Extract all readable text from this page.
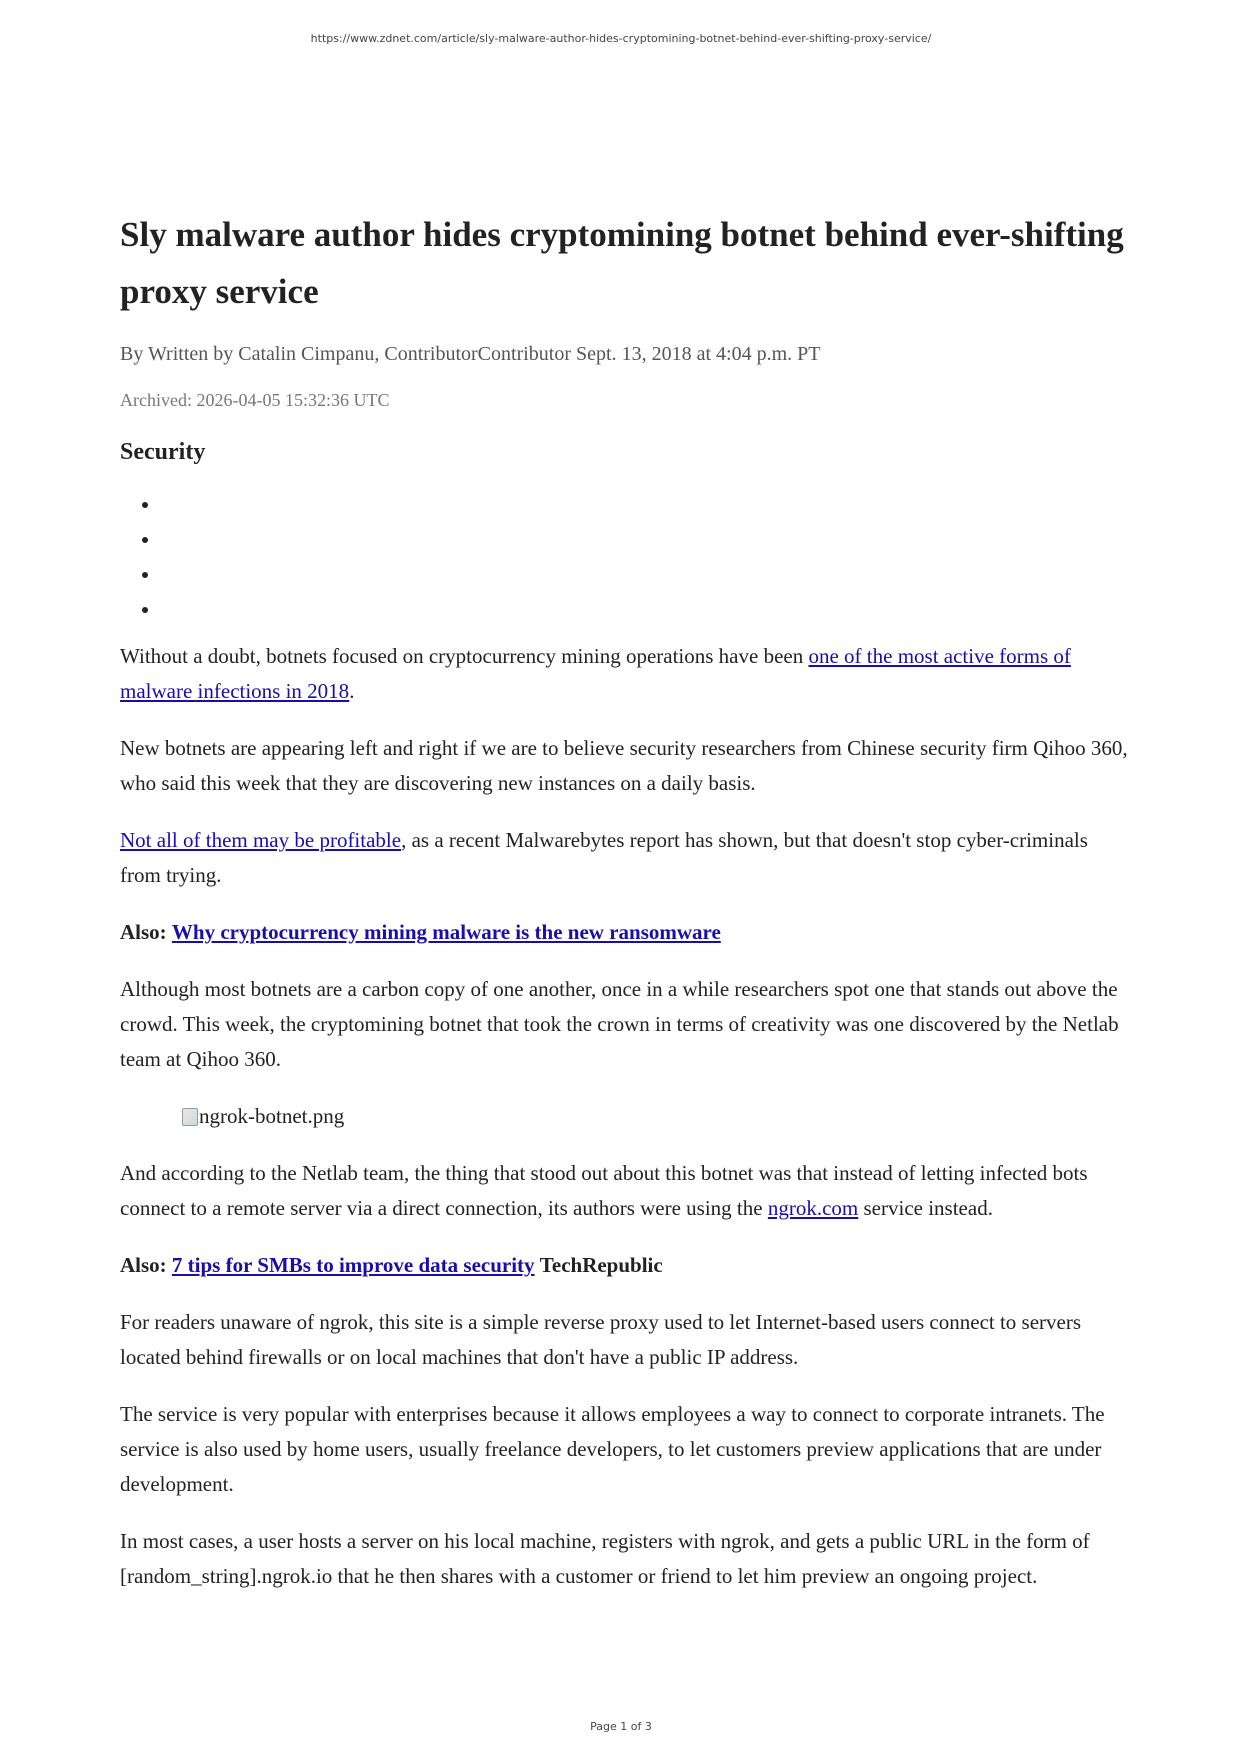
https://www.zdnet.com/article/sly-malware-author-hides-cryptomining-botnet-behind-ever-shifting-proxy-service/
Sly malware author hides cryptomining botnet behind ever-shifting proxy service
By Written by Catalin Cimpanu, ContributorContributor Sept. 13, 2018 at 4:04 p.m. PT
Archived: 2026-04-05 15:32:36 UTC
Security
•
•
•
•

Without a doubt, botnets focused on cryptocurrency mining operations have been one of the most active forms of malware infections in 2018.

New botnets are appearing left and right if we are to believe security researchers from Chinese security firm Qihoo 360, who said this week that they are discovering new instances on a daily basis.

Not all of them may be profitable, as a recent Malwarebytes report has shown, but that doesn't stop cyber-criminals from trying.

Also: Why cryptocurrency mining malware is the new ransomware

Although most botnets are a carbon copy of one another, once in a while researchers spot one that stands out above the crowd. This week, the cryptomining botnet that took the crown in terms of creativity was one discovered by the Netlab team at Qihoo 360.

ngrok-botnet.png

And according to the Netlab team, the thing that stood out about this botnet was that instead of letting infected bots connect to a remote server via a direct connection, its authors were using the ngrok.com service instead.

Also: 7 tips for SMBs to improve data security TechRepublic

For readers unaware of ngrok, this site is a simple reverse proxy used to let Internet-based users connect to servers located behind firewalls or on local machines that don't have a public IP address.

The service is very popular with enterprises because it allows employees a way to connect to corporate intranets. The service is also used by home users, usually freelance developers, to let customers preview applications that are under development.

In most cases, a user hosts a server on his local machine, registers with ngrok, and gets a public URL in the form of [random_string].ngrok.io that he then shares with a customer or friend to let him preview an ongoing project.

Page 1 of 3
